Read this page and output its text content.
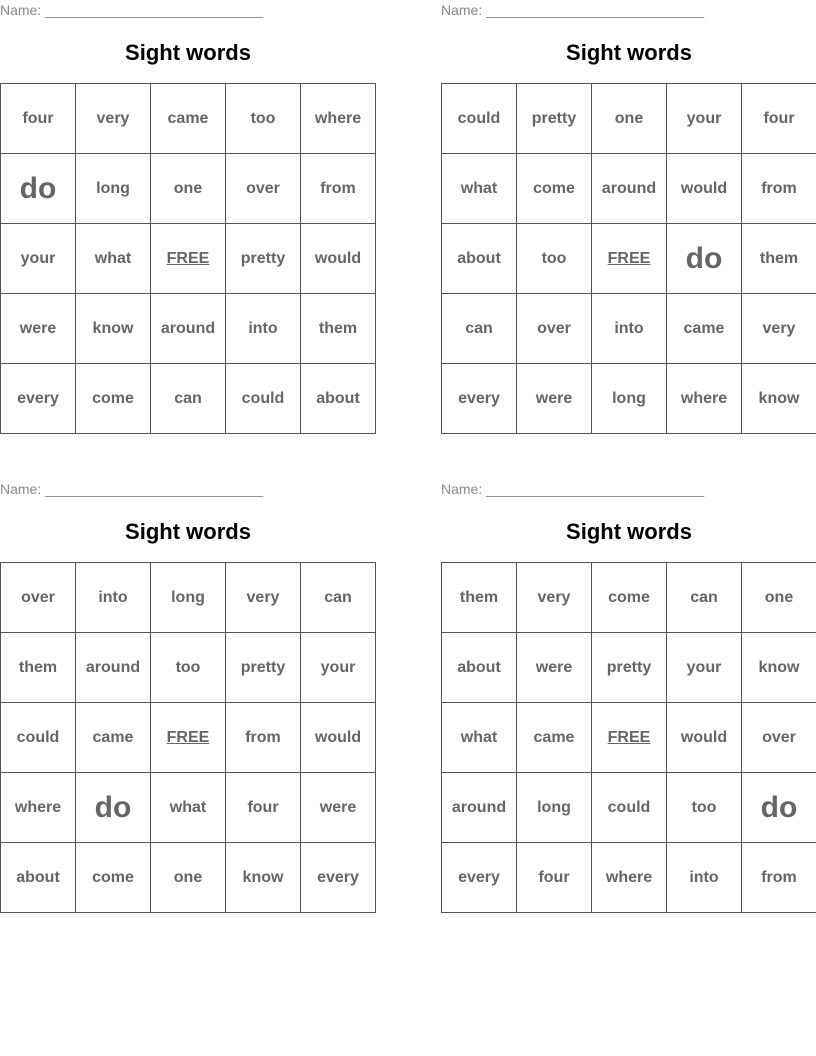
Name: ____________________________
Sight words
four	very	came	too	where
do	long	one	over	from
your	what	FREE	pretty	would
were	know	around	into	them
every	come	can	could	about
Name: ____________________________
Sight words
could	pretty	one	your	four
what	come	around	would	from
about	too	FREE	do	them
can	over	into	came	very
every	were	long	where	know
Name: ____________________________
Sight words
over	into	long	very	can
them	around	too	pretty	your
could	came	FREE	from	would
where	do	what	four	were
about	come	one	know	every
Name: ____________________________
Sight words
them	very	come	can	one
about	were	pretty	your	know
what	came	FREE	would	over
around	long	could	too	do
every	four	where	into	from
